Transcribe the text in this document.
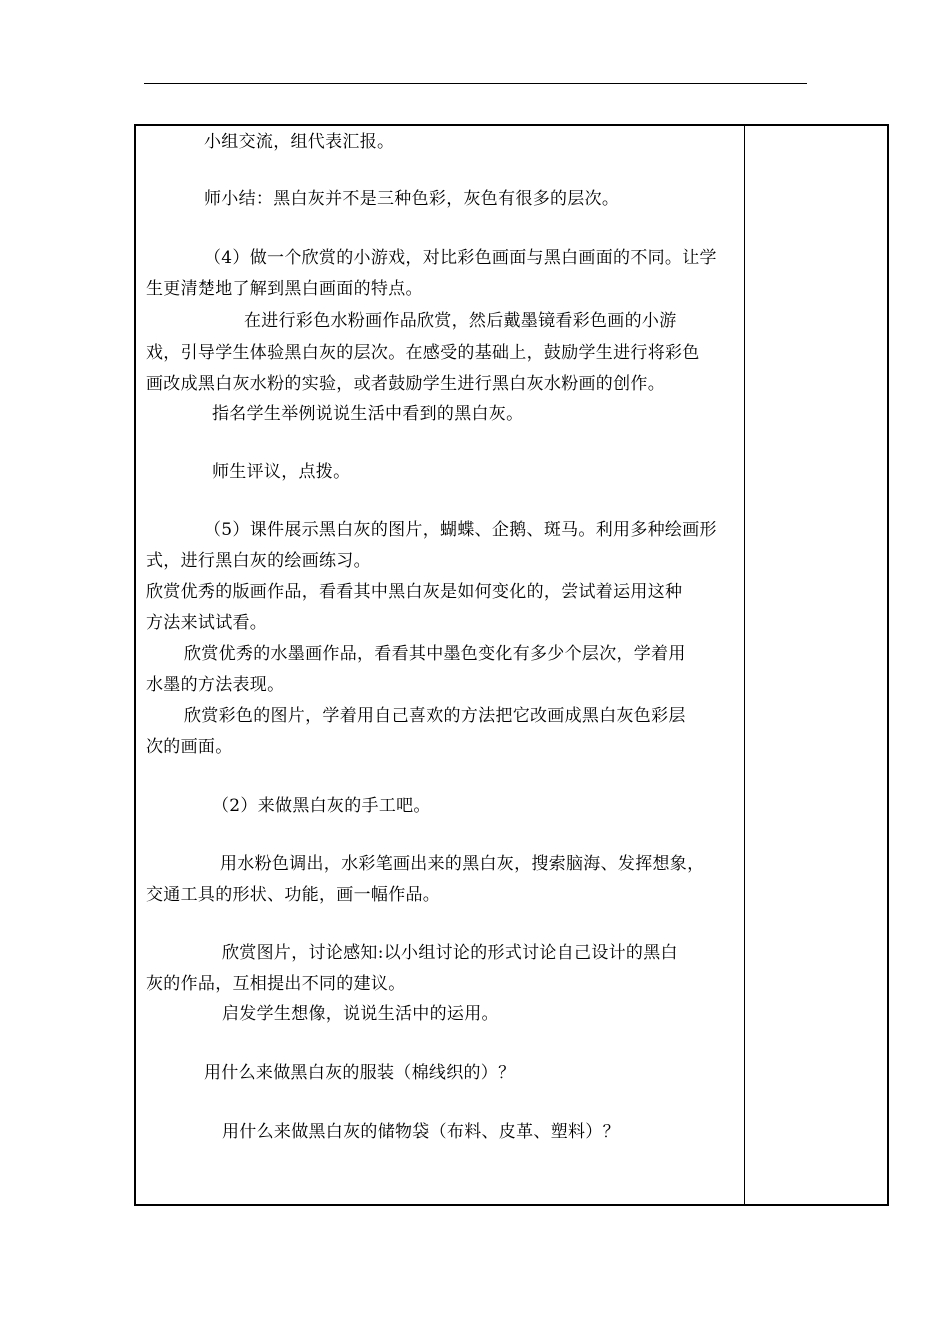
小组交流，组代表汇报。
师小结：黑白灰并不是三种色彩，灰色有很多的层次。
（4）做一个欣赏的小游戏，对比彩色画面与黑白画面的不同。让学
生更清楚地了解到黑白画面的特点。
在进行彩色水粉画作品欣赏，然后戴墨镜看彩色画的小游
戏，引导学生体验黑白灰的层次。在感受的基础上，鼓励学生进行将彩色
画改成黑白灰水粉的实验，或者鼓励学生进行黑白灰水粉画的创作。
指名学生举例说说生活中看到的黑白灰。
师生评议，点拨。
（5）课件展示黑白灰的图片，蝴蝶、企鹅、斑马。利用多种绘画形
式，进行黑白灰的绘画练习。
欣赏优秀的版画作品，看看其中黑白灰是如何变化的，尝试着运用这种
方法来试试看。
欣赏优秀的水墨画作品，看看其中墨色变化有多少个层次，学着用
水墨的方法表现。
欣赏彩色的图片，学着用自己喜欢的方法把它改画成黑白灰色彩层
次的画面。
（2）来做黑白灰的手工吧。
用水粉色调出，水彩笔画出来的黑白灰，搜索脑海、发挥想象，
交通工具的形状、功能，画一幅作品。
欣赏图片，讨论感知:以小组讨论的形式讨论自己设计的黑白
灰的作品，互相提出不同的建议。
启发学生想像，说说生活中的运用。
用什么来做黑白灰的服装（棉线织的）？
用什么来做黑白灰的储物袋（布料、皮革、塑料）？
